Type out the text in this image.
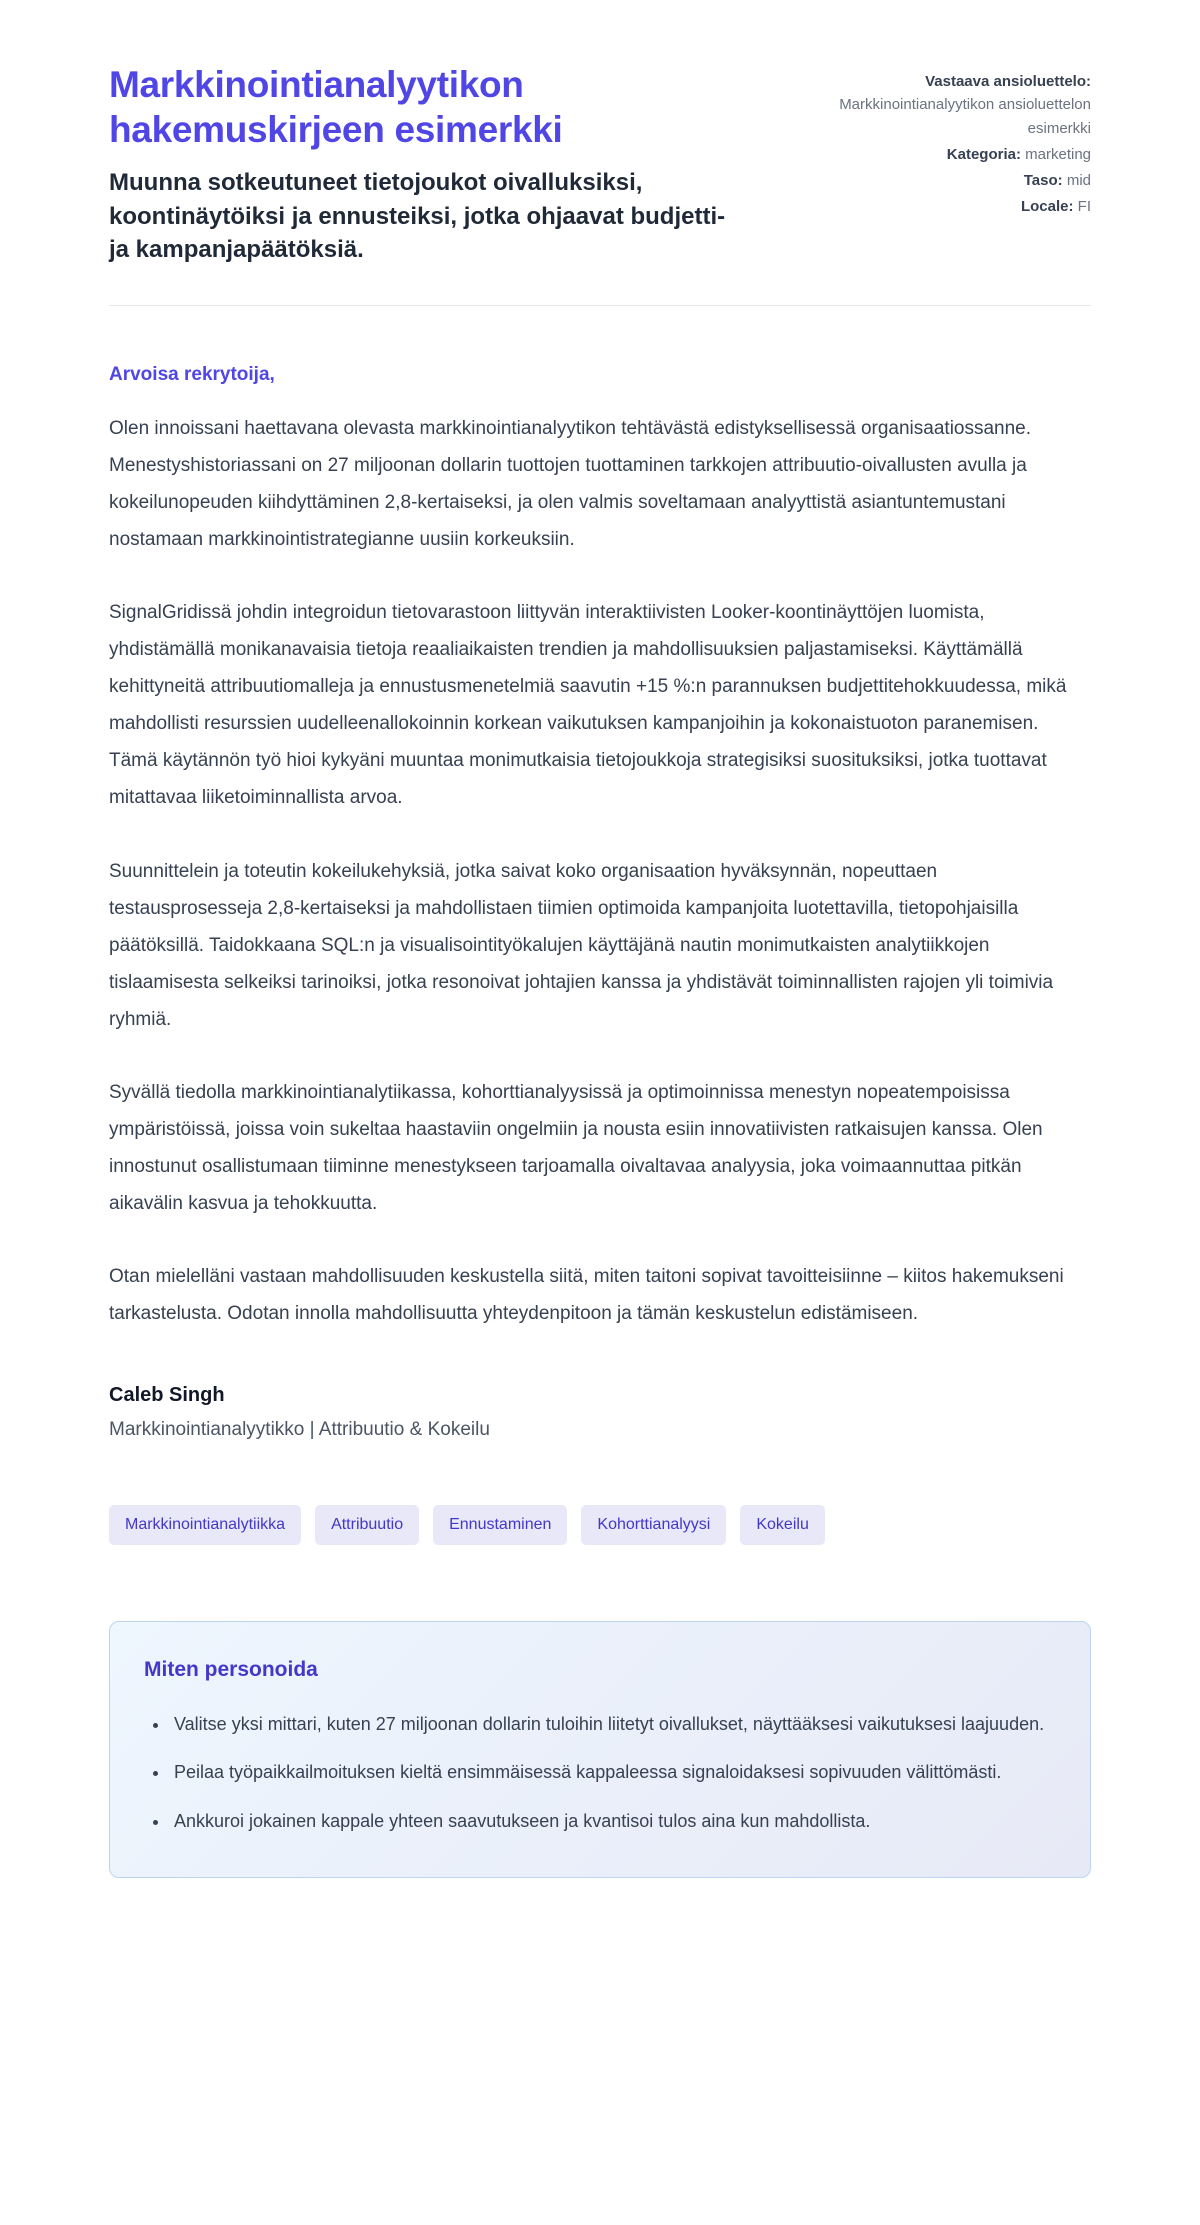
Markkinointianalyytikon hakemuskirjeen esimerkki

Muunna sotkeutuneet tietojoukot oivalluksiksi, koontinäytöiksi ja ennusteiksi, jotka ohjaavat budjetti- ja kampanjapäätöksiä.

Vastaava ansioluettelo:
Markkinointianalyytikon ansioluettelon esimerkki
Kategoria: marketing
Taso: mid
Locale: FI

Arvoisa rekrytoija,

Olen innoissani haettavana olevasta markkinointianalyytikon tehtävästä edistyksellisessä organisaatiossanne. Menestyshistoriassani on 27 miljoonan dollarin tuottojen tuottaminen tarkkojen attribuutio-oivallusten avulla ja kokeilunopeuden kiihdyttäminen 2,8-kertaiseksi, ja olen valmis soveltamaan analyyttistä asiantuntemustani nostamaan markkinointistrategianne uusiin korkeuksiin.

SignalGridissä johdin integroidun tietovarastoon liittyvän interaktiivisten Looker-koontinäyttöjen luomista, yhdistämällä monikanavaisia tietoja reaaliaikaisten trendien ja mahdollisuuksien paljastamiseksi. Käyttämällä kehittyneitä attribuutiomalleja ja ennustusmenetelmiä saavutin +15 %:n parannuksen budjettitehokkuudessa, mikä mahdollisti resurssien uudelleenallokoinnin korkean vaikutuksen kampanjoihin ja kokonaistuoton paranemisen. Tämä käytännön työ hioi kykyäni muuntaa monimutkaisia tietojoukkoja strategisiksi suosituksiksi, jotka tuottavat mitattavaa liiketoiminnallista arvoa.

Suunnittelein ja toteutin kokeilukehyksiä, jotka saivat koko organisaation hyväksynnän, nopeuttaen testausprosesseja 2,8-kertaiseksi ja mahdollistaen tiimien optimoida kampanjoita luotettavilla, tietopohjaisilla päätöksillä. Taidokkaana SQL:n ja visualisointityökalujen käyttäjänä nautin monimutkaisten analytiikkojen tislaamisesta selkeiksi tarinoiksi, jotka resonoivat johtajien kanssa ja yhdistävät toiminnallisten rajojen yli toimivia ryhmiä.

Syvällä tiedolla markkinointianalytiikassa, kohorttianalyysissä ja optimoinnissa menestyn nopeatempoisissa ympäristöissä, joissa voin sukeltaa haastaviin ongelmiin ja nousta esiin innovatiivisten ratkaisujen kanssa. Olen innostunut osallistumaan tiiminne menestykseen tarjoamalla oivaltavaa analyysia, joka voimaannuttaa pitkän aikavälin kasvua ja tehokkuutta.

Otan mielelläni vastaan mahdollisuuden keskustella siitä, miten taitoni sopivat tavoitteisiinne – kiitos hakemukseni tarkastelusta. Odotan innolla mahdollisuutta yhteydenpitoon ja tämän keskustelun edistämiseen.

Caleb Singh

Markkinointianalyytikko | Attribuutio & Kokeilu

Markkinointianalytiikka	Attribuutio	Ennustaminen	Kohorttianalyysi	Kokeilu
Miten personoida
• Valitse yksi mittari, kuten 27 miljoonan dollarin tuloihin liitetyt oivallukset, näyttääksesi vaikutuksesi laajuuden.
• Peilaa työpaikkailmoituksen kieltä ensimmäisessä kappaleessa signaloidaksesi sopivuuden välittömästi.
• Ankkuroi jokainen kappale yhteen saavutukseen ja kvantisoi tulos aina kun mahdollista.
